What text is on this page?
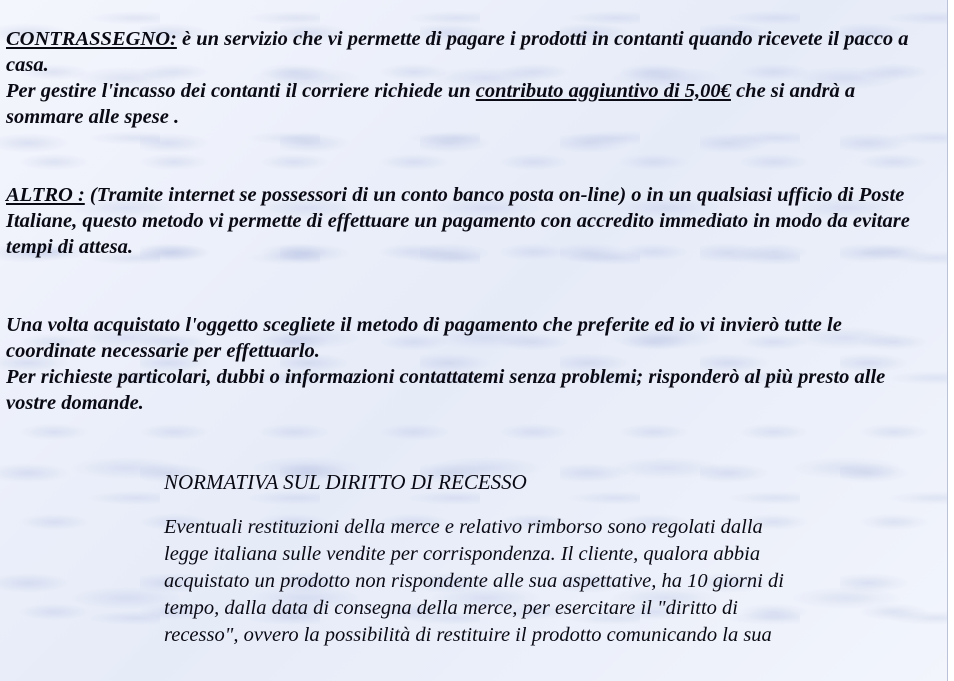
CONTRASSEGNO: è un servizio che vi permette di pagare i prodotti in contanti quando ricevete il pacco a casa.
Per gestire l'incasso dei contanti il corriere richiede un contributo aggiuntivo di 5,00€ che si andrà a sommare alle spese .

ALTRO : (Tramite internet se possessori di un conto banco posta on-line) o in un qualsiasi ufficio di Poste Italiane, questo metodo vi permette di effettuare un pagamento con accredito immediato in modo da evitare tempi di attesa.

Una volta acquistato l'oggetto scegliete il metodo di pagamento che preferite ed io vi invierò tutte le coordinate necessarie per effettuarlo.
Per richieste particolari, dubbi o informazioni contattatemi senza problemi; risponderò al più presto alle vostre domande.

NORMATIVA SUL DIRITTO DI RECESSO

Eventuali restituzioni della merce e relativo rimborso sono regolati dalla legge italiana sulle vendite per corrispondenza. Il cliente, qualora abbia acquistato un prodotto non rispondente alle sua aspettative, ha 10 giorni di tempo, dalla data di consegna della merce, per esercitare il "diritto di recesso", ovvero la possibilità di restituire il prodotto comunicando la sua
